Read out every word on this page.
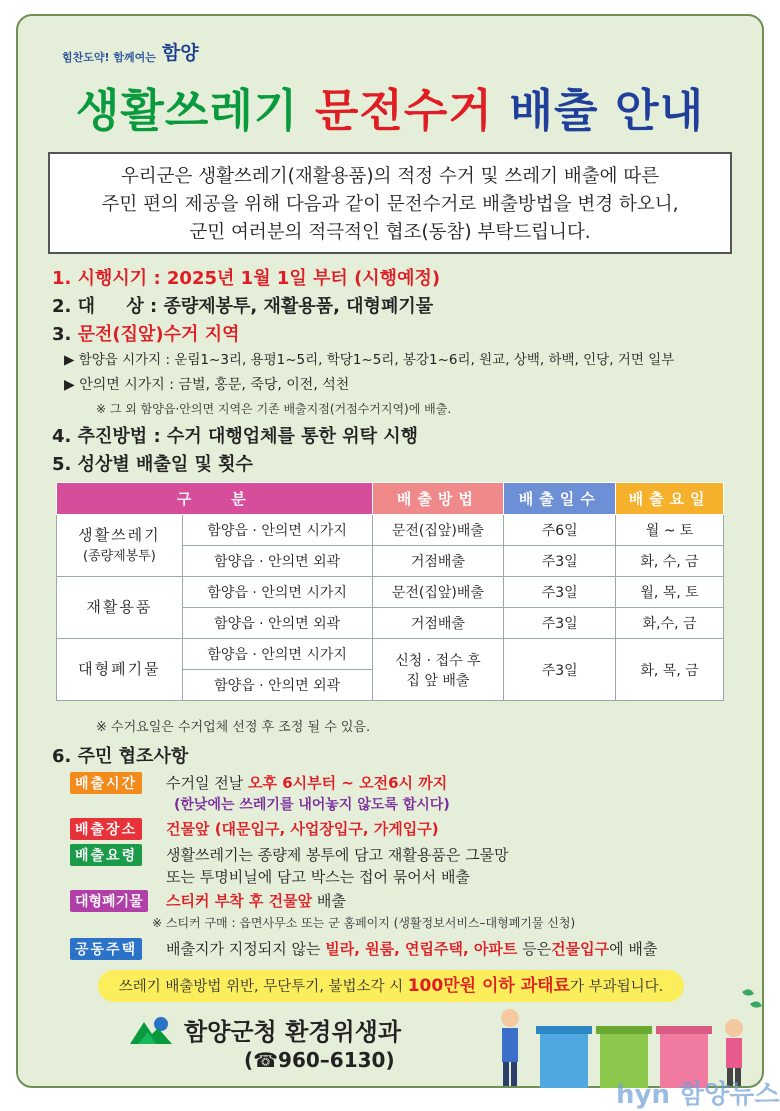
힘찬도약! 함께여는 함양
생활쓰레기 문전수거 배출 안내
우리군은 생활쓰레기(재활용품)의 적정 수거 및 쓰레기 배출에 따른
주민 편의 제공을 위해 다음과 같이 문전수거로 배출방법을 변경 하오니,
군민 여러분의 적극적인 협조(동참) 부탁드립니다.
1. 시행시기 : 2025년 1월 1일 부터 (시행예정)
2. 대     상 : 종량제봉투, 재활용품, 대형폐기물
3. 문전(집앞)수거 지역
▶ 함양읍 시가지 : 운림1~3리, 용평1~5리, 학당1~5리, 봉강1~6리, 원교, 상백, 하백, 인당, 거면 일부
▶ 안의면 시가지 : 금벌, 홍문, 죽당, 이전, 석천
※ 그 외 함양읍·안의면 지역은 기존 배출지점(거점수거지역)에 배출.
4. 추진방법 : 수거 대행업체를 통한 위탁 시행
5. 성상별 배출일 및 횟수
구   분		배출방법	배출일수	배출요일

생활쓰레기
(종량제봉투)	함양읍 · 안의면 시가지	문전(집앞)배출	주6일	월 ~ 토
	함양읍 · 안의면 외곽	거점배출	주3일	화, 수, 금
재활용품	함양읍 · 안의면 시가지	문전(집앞)배출	주3일	월, 목, 토
	함양읍 · 안의면 외곽	거점배출	주3일	화,수, 금
대형폐기물	함양읍 · 안의면 시가지	신청 · 접수 후
집 앞 배출	주3일	화, 목, 금
	함양읍 · 안의면 외곽			
※ 수거요일은 수거업체 선정 후 조정 될 수 있음.
6. 주민 협조사항
배출시간	수거일 전날 오후 6시부터 ~ 오전6시 까지
(한낮에는 쓰레기를 내어놓지 않도록 합시다)
배출장소	건물앞 (대문입구, 사업장입구, 가게입구)
배출요령	생활쓰레기는 종량제 봉투에 담고 재활용품은 그물망
또는 투명비닐에 담고 박스는 접어 묶어서 배출
대형폐기물	스티커 부착 후 건물앞 배출
※ 스티커 구매 : 읍면사무소 또는 군 홈페이지 (생활정보서비스–대형폐기물 신청)
공동주택	배출지가 지정되지 않는 빌라, 원룸, 연립주택, 아파트 등은건물입구에 배출
쓰레기 배출방법 위반, 무단투기, 불법소각 시 100만원 이하 과태료가 부과됩니다.
함양군청 환경위생과
(☎960–6130)
hyn 함양뉴스
